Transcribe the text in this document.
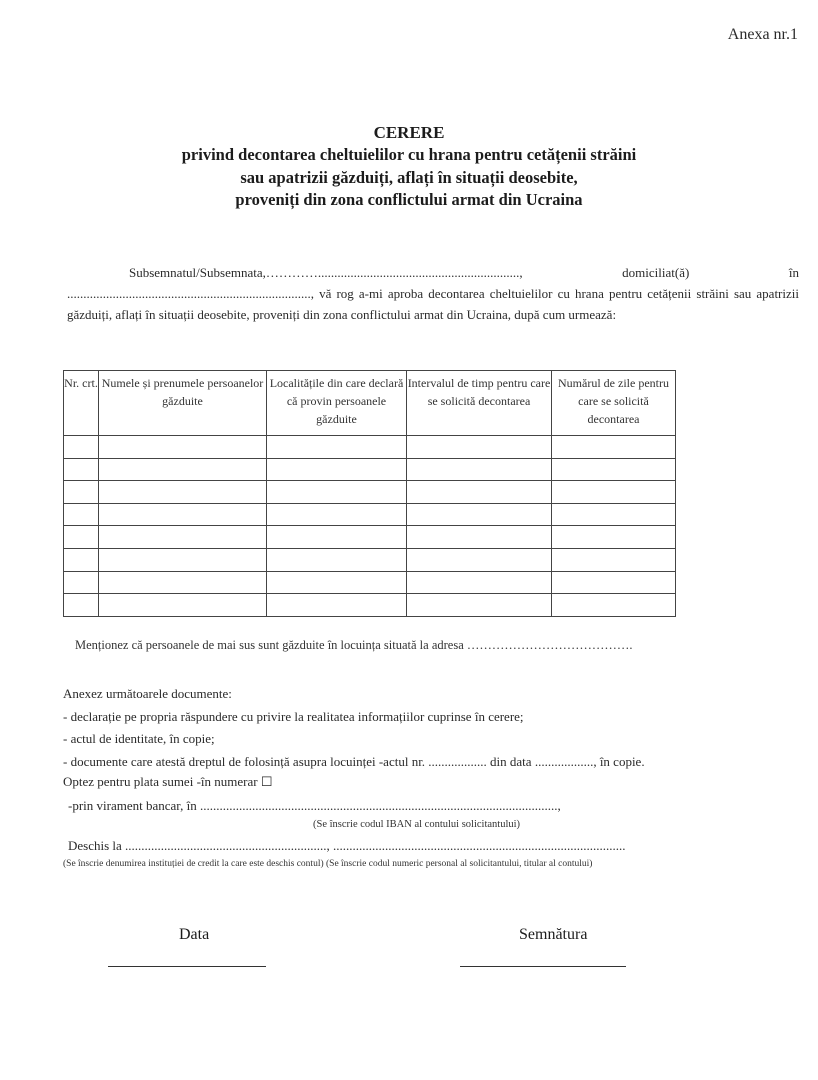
Anexa nr.1
CERERE
privind decontarea cheltuielilor cu hrana pentru cetățenii străini
sau apatrizii găzduiți, aflați în situații deosebite,
proveniți din zona conflictului armat din Ucraina
Subsemnatul/Subsemnata,…………..............................................................,	domiciliat(ă)	în
..........................................................................., vă rog a-mi aproba decontarea cheltuielilor cu hrana pentru cetățenii străini sau apatrizii găzduiți, aflați în situații deosebite, proveniți din zona conflictului armat din Ucraina, după cum urmează:
Nr. crt.	Numele și prenumele persoanelor găzduite	Localitățile din care declară că provin persoanele găzduite	Intervalul de timp pentru care se solicită decontarea	Numărul de zile pentru care se solicită decontarea

Menționez că persoanele de mai sus sunt găzduite în locuința situată la adresa ………………………………….
Anexez următoarele documente:
- declarație pe propria răspundere cu privire la realitatea informațiilor cuprinse în cerere;
- actul de identitate, în copie;
- documente care atestă dreptul de folosință asupra locuinței -actul nr. .................. din data .................., în copie.
Optez pentru plata sumei -în numerar ☐
-prin virament bancar, în ..............................................................................................................,
(Se înscrie codul IBAN al contului solicitantului)
Deschis la .............................................................., ..........................................................................................
(Se înscrie denumirea instituției de credit la care este deschis contul) (Se înscrie codul numeric personal al solicitantului, titular al contului)
Data	Semnătura
